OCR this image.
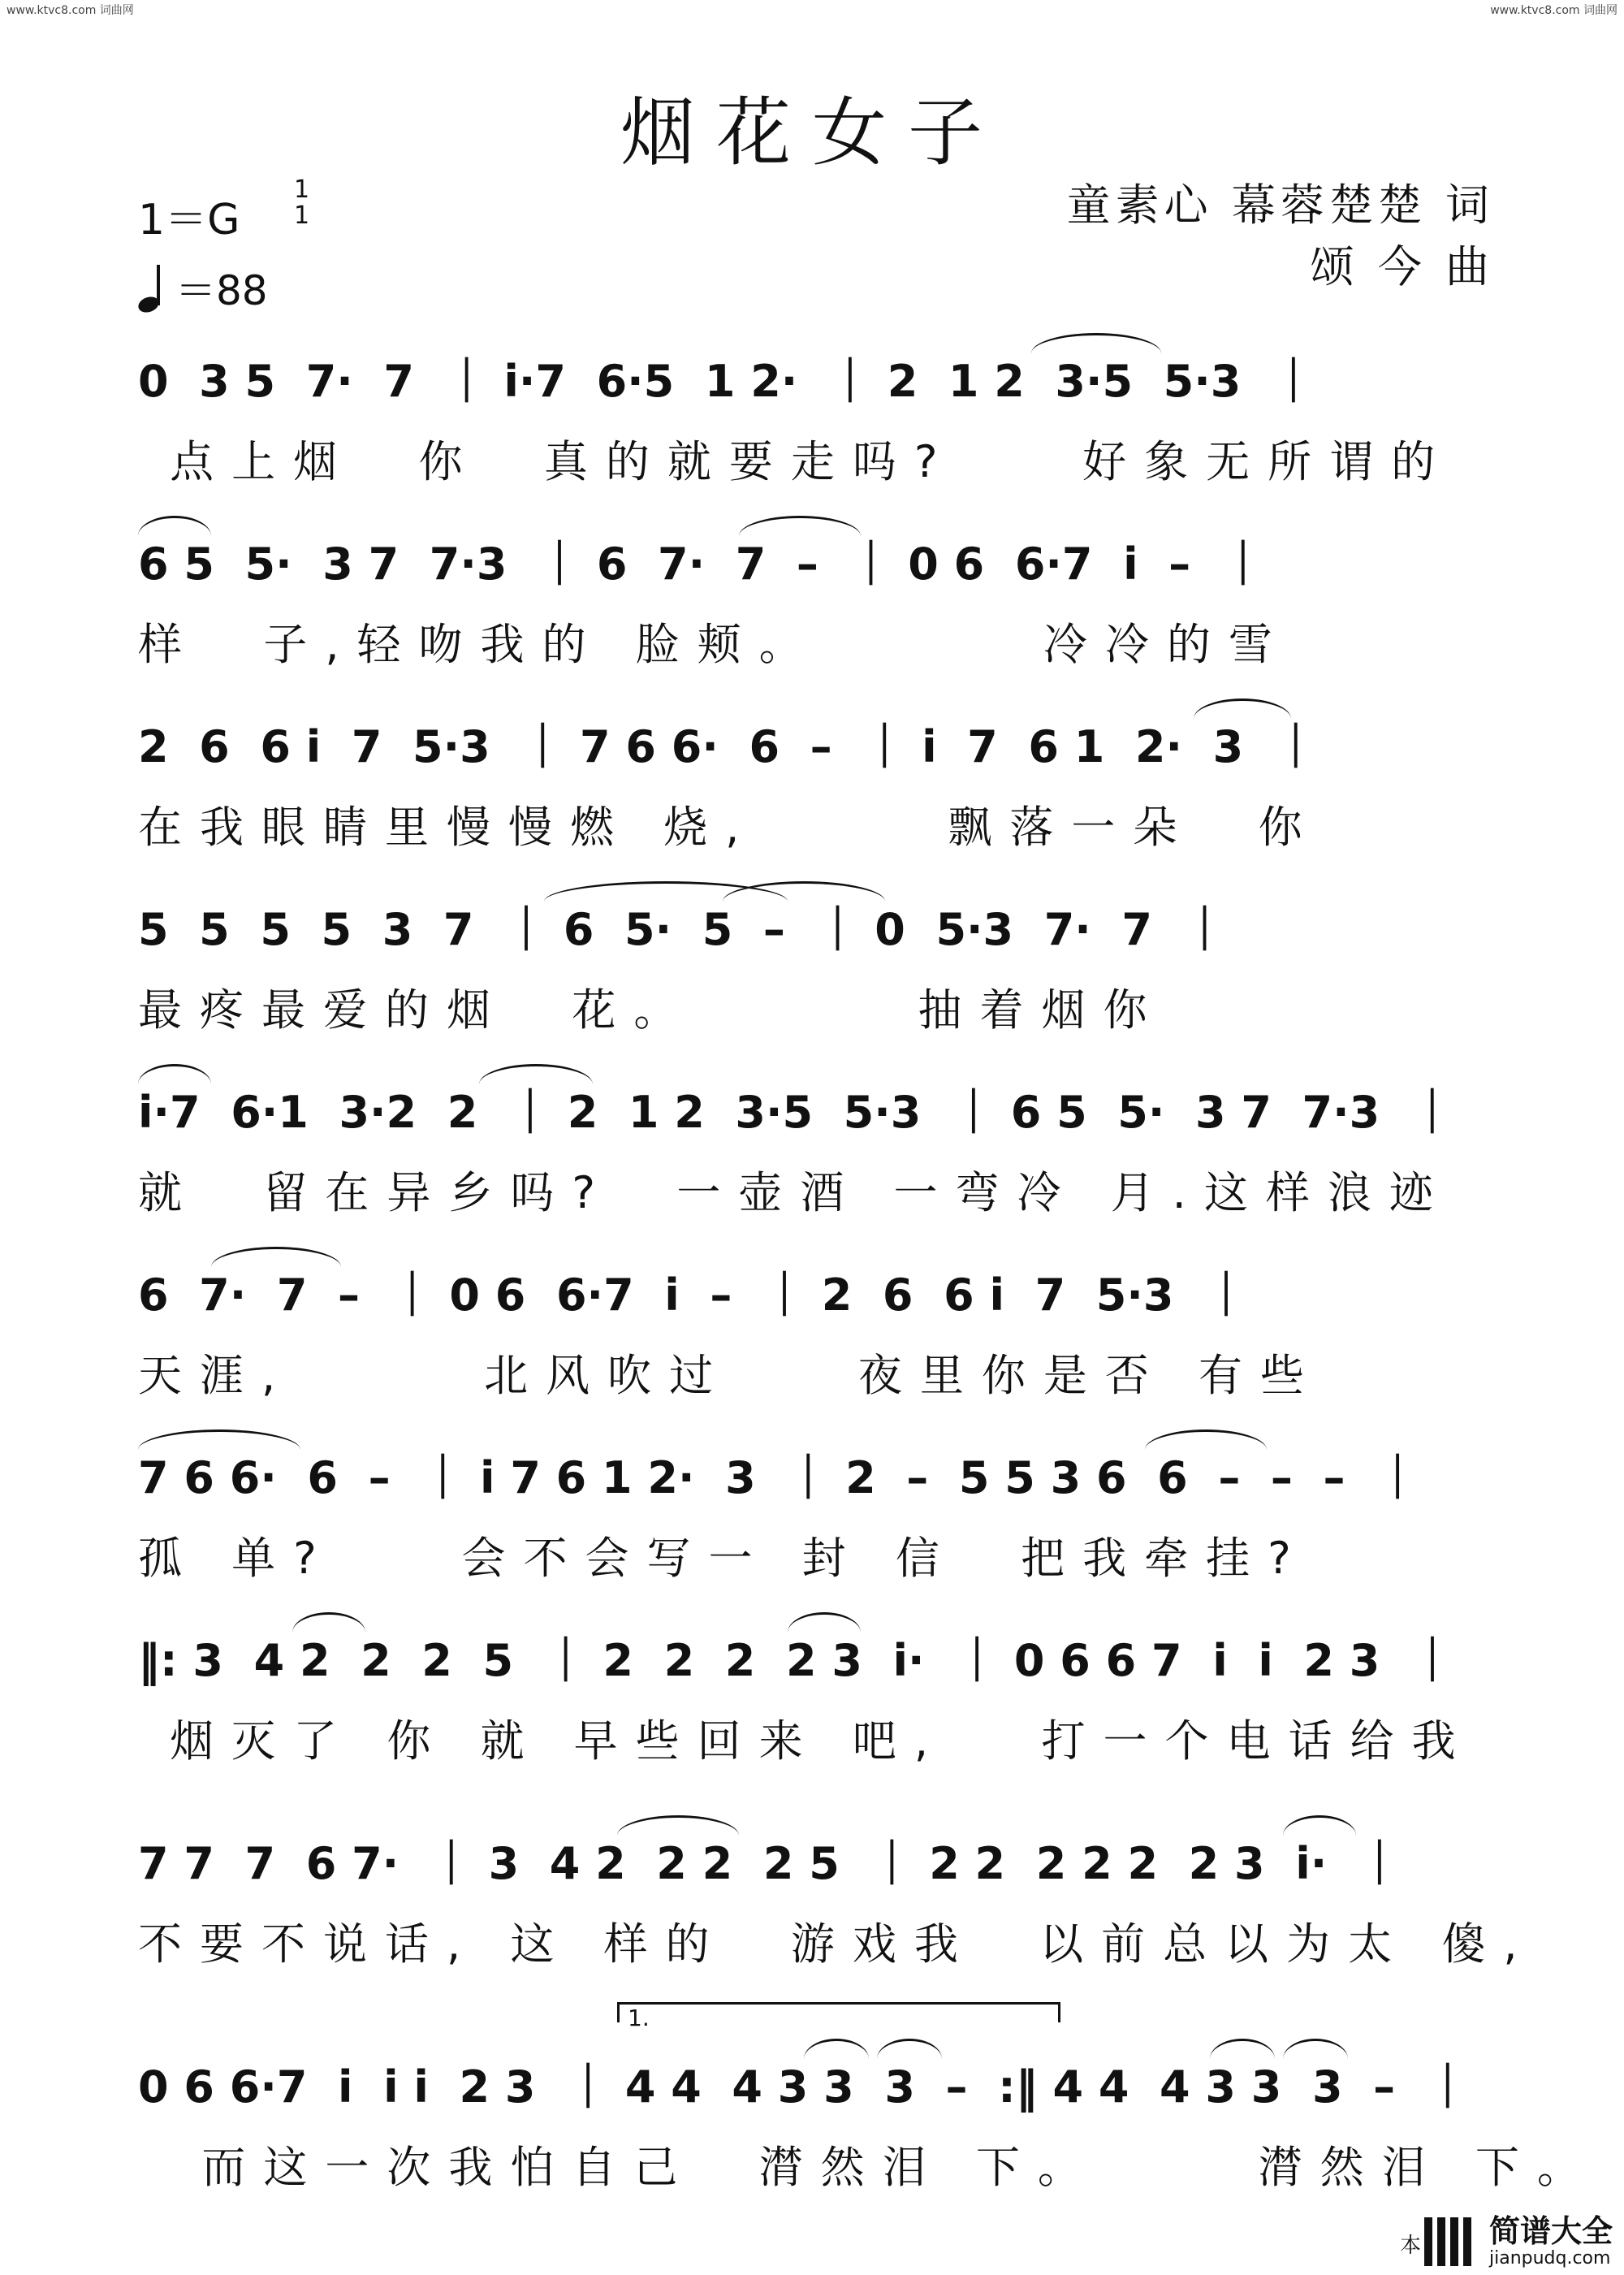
www.ktvc8.com 词曲网	www.ktvc8.com 词曲网
烟花女子
1＝G
1
1
＝88
童素心 幕蓉楚楚 词
颂 今 曲
0  3 5  7·  7  ｜ i·7  6·5  1 2·  ｜ 2  1 2  3·5  5·3  ｜
点上烟  你  真的就要走吗?    好象无所谓的
6 5  5·  3 7  7·3  ｜ 6  7·  7  –  ｜ 0 6  6·7  i  –  ｜
样  子,轻吻我的 脸颊。       冷冷的雪
2  6  6 i  7  5·3  ｜ 7 6 6·  6  –  ｜ i  7  6 1  2·  3  ｜
在我眼睛里慢慢燃 烧,      飘落一朵  你
5  5  5  5  3  7  ｜ 6  5·  5  –  ｜ 0  5·3  7·  7  ｜
最疼最爱的烟  花。       抽着烟你
i·7  6·1  3·2  2  ｜ 2  1 2  3·5  5·3  ｜ 6 5  5·  3 7  7·3  ｜
就  留在异乡吗?  一壶酒 一弯冷 月.这样浪迹
6  7·  7  –  ｜ 0 6  6·7  i  –  ｜ 2  6  6 i  7  5·3  ｜
天涯,      北风吹过    夜里你是否 有些
7 6 6·  6  –  ｜ i 7 6 1 2·  3  ｜ 2  –  5 5 3 6  6  –  –  –  ｜
孤 单?    会不会写一 封 信  把我牵挂?
‖: 3  4 2  2  2  5  ｜ 2  2  2  2 3  i·  ｜ 0 6 6 7  i  i  2 3  ｜
烟灭了 你 就 早些回来 吧,   打一个电话给我
7 7  7  6 7·  ｜ 3  4 2  2 2  2 5  ｜ 2 2  2 2 2  2 3  i·  ｜
不要不说话, 这 样的  游戏我  以前总以为太 傻,
1.
0 6 6·7  i  i i  2 3  ｜ 4 4  4 3 3  3  –  :‖ 4 4  4 3 3  3  –  ｜
而这一次我怕自己  潸然泪 下。     潸然泪 下。
本 简谱大全
jianpudq.com
